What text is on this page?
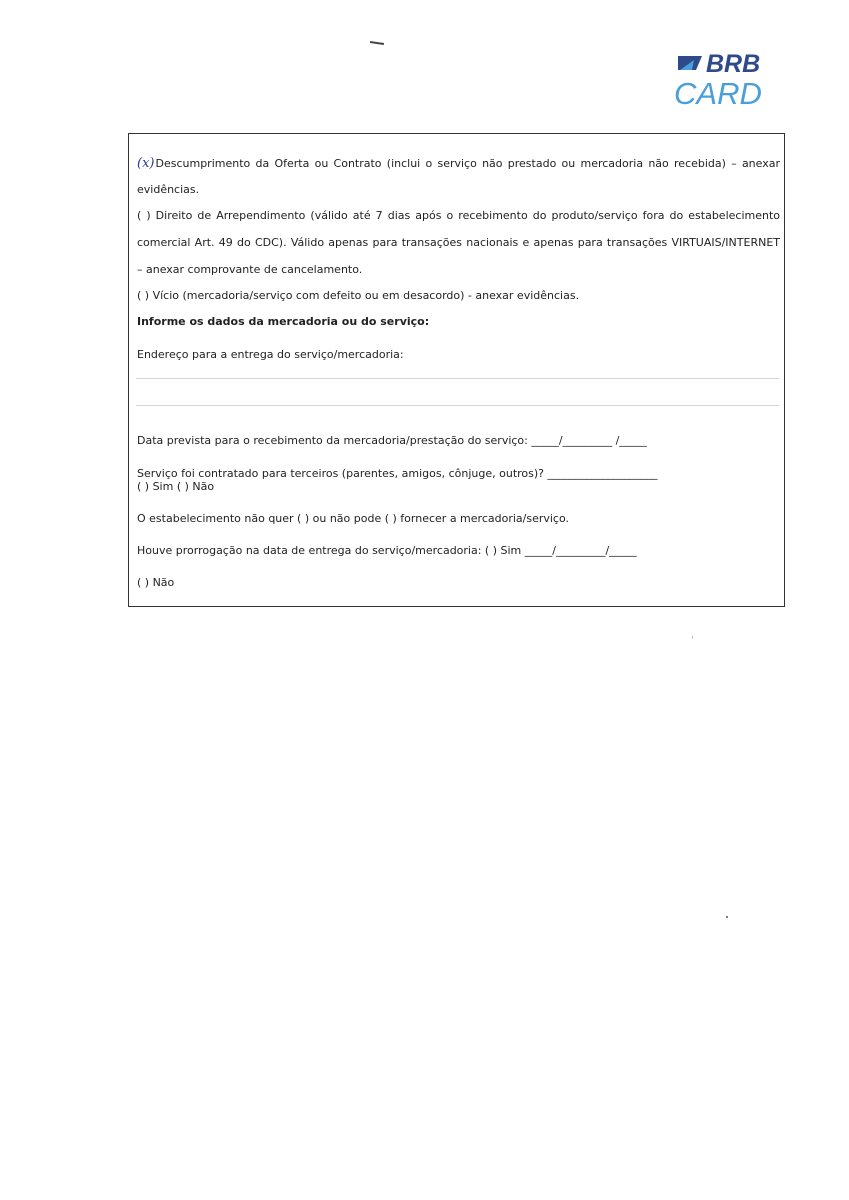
BRB
CARD
(x)Descumprimento da Oferta ou Contrato (inclui o serviço não prestado ou mercadoria não recebida) – anexar
evidências.
( ) Direito de Arrependimento (válido até 7 dias após o recebimento do produto/serviço fora do estabelecimento
comercial Art. 49 do CDC). Válido apenas para transações nacionais e apenas para transações VIRTUAIS/INTERNET
– anexar comprovante de cancelamento.
( ) Vício (mercadoria/serviço com defeito ou em desacordo) - anexar evidências.
Informe os dados da mercadoria ou do serviço:
Endereço para a entrega do serviço/mercadoria:
Data prevista para o recebimento da mercadoria/prestação do serviço: _____/_________ /_____
Serviço foi contratado para terceiros (parentes, amigos, cônjuge, outros)? ____________________
( ) Sim ( ) Não
O estabelecimento não quer ( ) ou não pode ( ) fornecer a mercadoria/serviço.
Houve prorrogação na data de entrega do serviço/mercadoria: ( ) Sim _____/_________/_____
( ) Não
